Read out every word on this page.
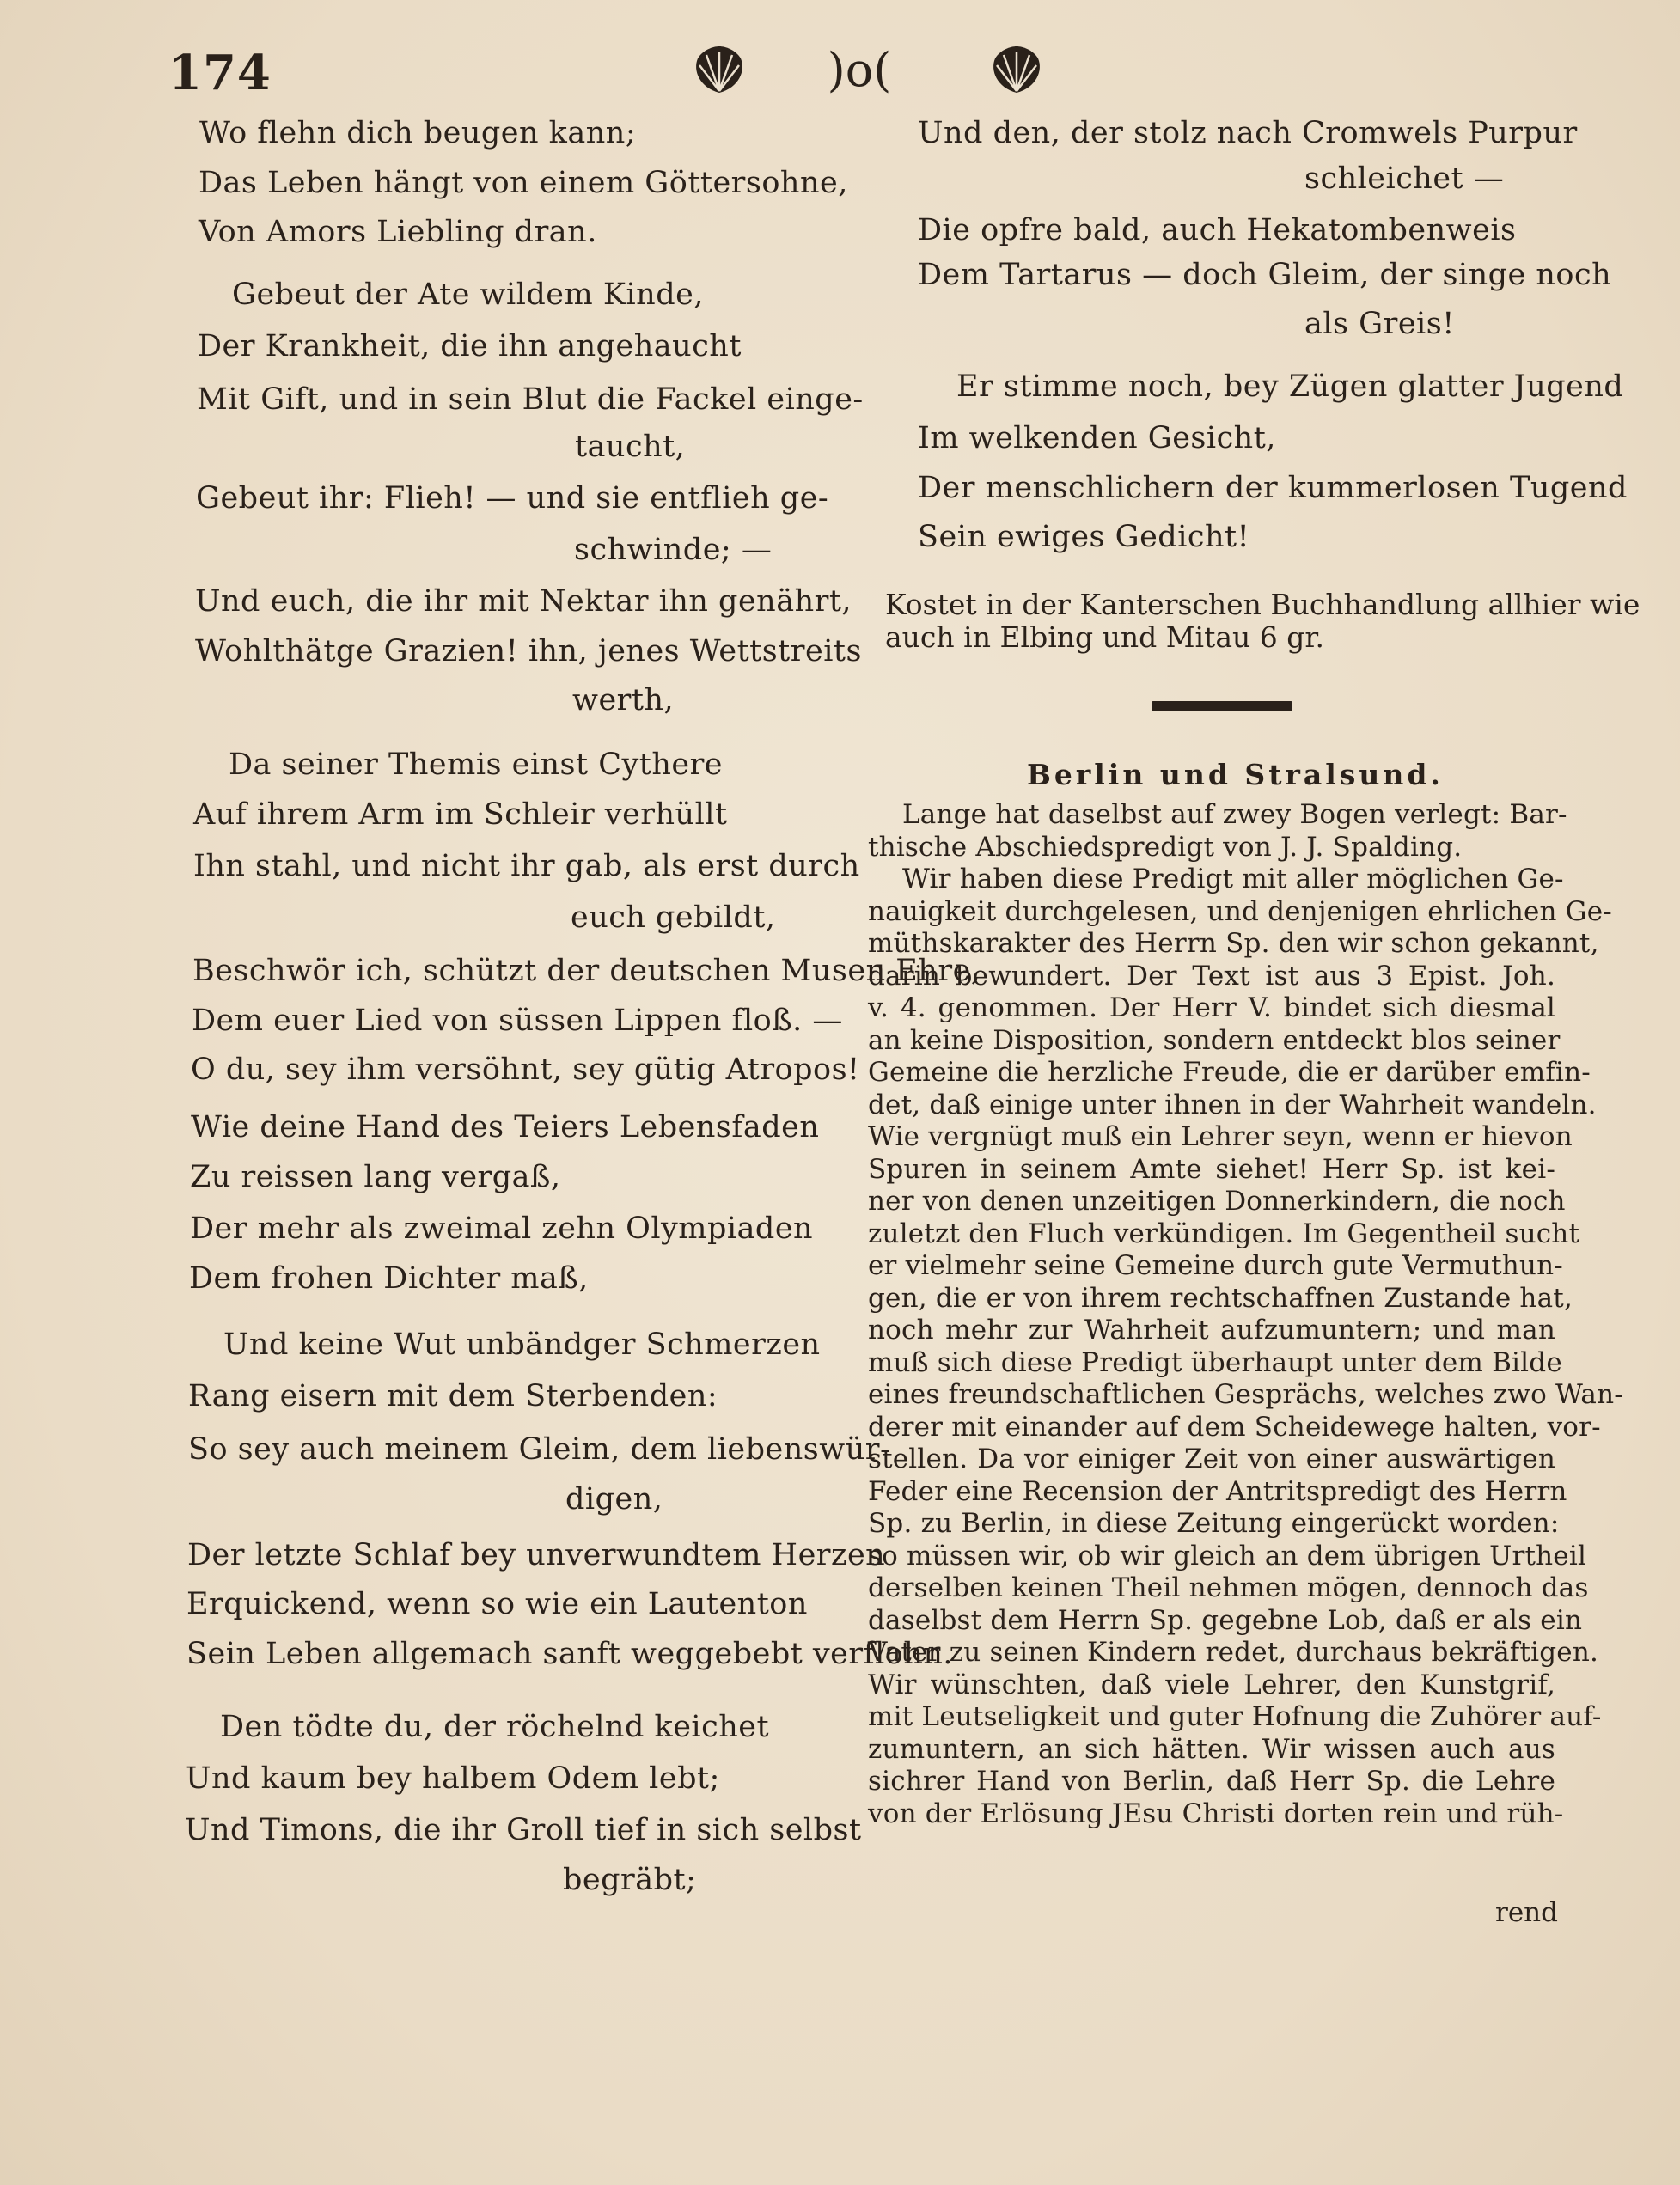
174	)o(
Wo flehn dich beugen kann;
Das Leben hängt von einem Göttersohne,
Von Amors Liebling dran.
Gebeut der Ate wildem Kinde,
Der Krankheit, die ihn angehaucht
Mit Gift, und in sein Blut die Fackel einge-
taucht,
Gebeut ihr: Flieh! — und sie entflieh ge-
schwinde; —
Und euch, die ihr mit Nektar ihn genährt,
Wohlthätge Grazien! ihn, jenes Wettstreits
werth,
Da seiner Themis einst Cythere
Auf ihrem Arm im Schleir verhüllt
Ihn stahl, und nicht ihr gab, als erst durch
euch gebildt,
Beschwör ich, schützt der deutschen Musen Ehre,
Dem euer Lied von süssen Lippen floß. —
O du, sey ihm versöhnt, sey gütig Atropos!
Wie deine Hand des Teiers Lebensfaden
Zu reissen lang vergaß,
Der mehr als zweimal zehn Olympiaden
Dem frohen Dichter maß,
Und keine Wut unbändger Schmerzen
Rang eisern mit dem Sterbenden:
So sey auch meinem Gleim, dem liebenswür-
digen,
Der letzte Schlaf bey unverwundtem Herzen
Erquickend, wenn so wie ein Lautenton
Sein Leben allgemach sanft weggebebt verflohn.
Den tödte du, der röchelnd keichet
Und kaum bey halbem Odem lebt;
Und Timons, die ihr Groll tief in sich selbst
begräbt;
Und den, der stolz nach Cromwels Purpur
schleichet —
Die opfre bald, auch Hekatombenweis
Dem Tartarus — doch Gleim, der singe noch
als Greis!
Er stimme noch, bey Zügen glatter Jugend
Im welkenden Gesicht,
Der menschlichern der kummerlosen Tugend
Sein ewiges Gedicht!
Kostet in der Kanterschen Buchhandlung allhier wie
auch in Elbing und Mitau 6 gr.
Berlin und Stralsund.
Lange hat daselbst auf zwey Bogen verlegt: Bar-
thische Abschiedspredigt von J. J. Spalding.
Wir haben diese Predigt mit aller möglichen Ge-
nauigkeit durchgelesen, und denjenigen ehrlichen Ge-
müthskarakter des Herrn Sp. den wir schon gekannt,
darin bewundert. Der Text ist aus 3 Epist. Joh.
v. 4. genommen. Der Herr V. bindet sich diesmal
an keine Disposition, sondern entdeckt blos seiner
Gemeine die herzliche Freude, die er darüber emfin-
det, daß einige unter ihnen in der Wahrheit wandeln.
Wie vergnügt muß ein Lehrer seyn, wenn er hievon
Spuren in seinem Amte siehet! Herr Sp. ist kei-
ner von denen unzeitigen Donnerkindern, die noch
zuletzt den Fluch verkündigen. Im Gegentheil sucht
er vielmehr seine Gemeine durch gute Vermuthun-
gen, die er von ihrem rechtschaffnen Zustande hat,
noch mehr zur Wahrheit aufzumuntern; und man
muß sich diese Predigt überhaupt unter dem Bilde
eines freundschaftlichen Gesprächs, welches zwo Wan-
derer mit einander auf dem Scheidewege halten, vor-
stellen. Da vor einiger Zeit von einer auswärtigen
Feder eine Recension der Antritspredigt des Herrn
Sp. zu Berlin, in diese Zeitung eingerückt worden:
so müssen wir, ob wir gleich an dem übrigen Urtheil
derselben keinen Theil nehmen mögen, dennoch das
daselbst dem Herrn Sp. gegebne Lob, daß er als ein
Vater zu seinen Kindern redet, durchaus bekräftigen.
Wir wünschten, daß viele Lehrer, den Kunstgrif,
mit Leutseligkeit und guter Hofnung die Zuhörer auf-
zumuntern, an sich hätten. Wir wissen auch aus
sichrer Hand von Berlin, daß Herr Sp. die Lehre
von der Erlösung JEsu Christi dorten rein und rüh-
rend
